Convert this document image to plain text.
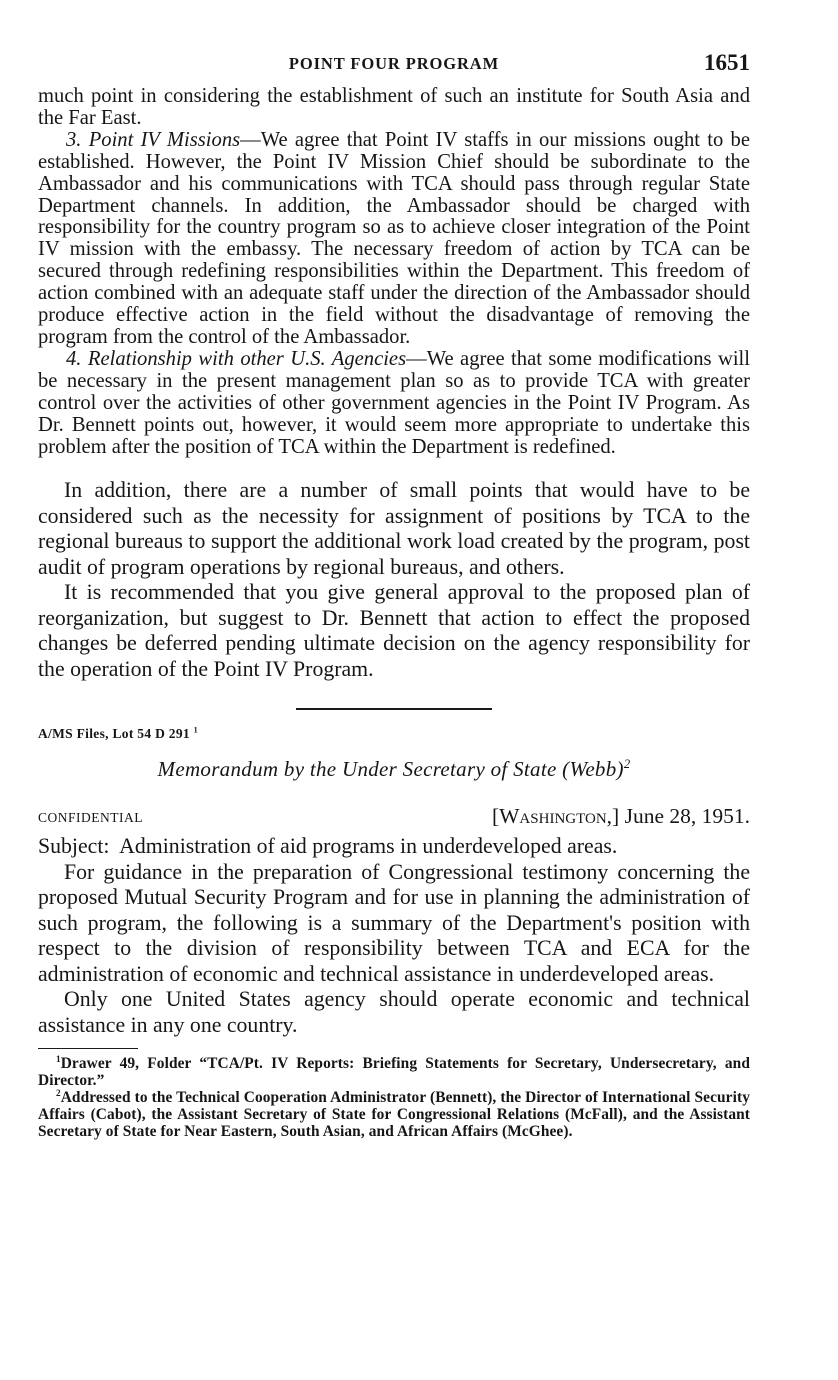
POINT FOUR PROGRAM	1651

much point in considering the establishment of such an institute for South Asia and the Far East.

3. Point IV Missions—We agree that Point IV staffs in our missions ought to be established. However, the Point IV Mission Chief should be subordinate to the Ambassador and his communications with TCA should pass through regular State Department channels. In addition, the Ambassador should be charged with responsibility for the country program so as to achieve closer integration of the Point IV mission with the embassy. The necessary freedom of action by TCA can be secured through redefining responsibilities within the Department. This freedom of action combined with an adequate staff under the direction of the Ambassador should produce effective action in the field without the disadvantage of removing the program from the control of the Ambassador.

4. Relationship with other U.S. Agencies—We agree that some modifications will be necessary in the present management plan so as to provide TCA with greater control over the activities of other government agencies in the Point IV Program. As Dr. Bennett points out, however, it would seem more appropriate to undertake this problem after the position of TCA within the Department is redefined.

In addition, there are a number of small points that would have to be considered such as the necessity for assignment of positions by TCA to the regional bureaus to support the additional work load created by the program, post audit of program operations by regional bureaus, and others.

It is recommended that you give general approval to the proposed plan of reorganization, but suggest to Dr. Bennett that action to effect the proposed changes be deferred pending ultimate decision on the agency responsibility for the operation of the Point IV Program.

A/MS Files, Lot 54 D 291 $^1$
Memorandum by the Under Secretary of State (Webb)$^2$
CONFIDENTIAL	[Washington,] June 28, 1951.

Subject: Administration of aid programs in underdeveloped areas.

For guidance in the preparation of Congressional testimony concerning the proposed Mutual Security Program and for use in planning the administration of such program, the following is a summary of the Department's position with respect to the division of responsibility between TCA and ECA for the administration of economic and technical assistance in underdeveloped areas.

Only one United States agency should operate economic and technical assistance in any one country.

$^1$Drawer 49, Folder “TCA/Pt. IV Reports: Briefing Statements for Secretary, Undersecretary, and Director.”

$^2$Addressed to the Technical Cooperation Administrator (Bennett), the Director of International Security Affairs (Cabot), the Assistant Secretary of State for Congressional Relations (McFall), and the Assistant Secretary of State for Near Eastern, South Asian, and African Affairs (McGhee).
